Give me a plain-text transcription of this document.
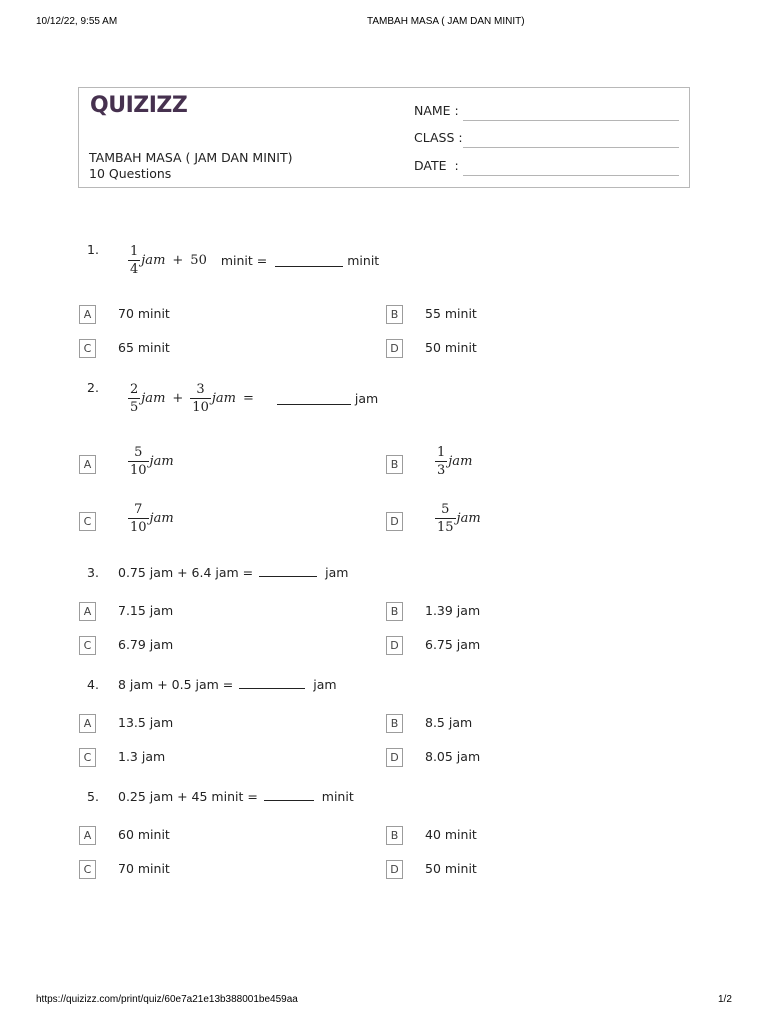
10/12/22, 9:55 AM	TAMBAH MASA ( JAM DAN MINIT)
QUIZIZZ
TAMBAH MASA ( JAM DAN MINIT)
10 Questions
NAME :
CLASS :
DATE  :
1. $\frac{1}{4}$ jam + 50 minit =	minit
A	70 minit	B	55 minit
C	65 minit	D	50 minit
2. $\frac{2}{5}$ jam + $\frac{3}{10}$ jam =	jam
A	$\frac{5}{10}$ jam	B	$\frac{1}{3}$ jam
C	$\frac{7}{10}$ jam	D	$\frac{5}{15}$ jam
3. 0.75 jam + 6.4 jam =	jam
A	7.15 jam	B	1.39 jam
C	6.79 jam	D	6.75 jam
4. 8 jam + 0.5 jam =	jam
A	13.5 jam	B	8.5 jam
C	1.3 jam	D	8.05 jam
5. 0.25 jam + 45 minit =	minit
A	60 minit	B	40 minit
C	70 minit	D	50 minit
https://quizizz.com/print/quiz/60e7a21e13b388001be459aa	1/2
